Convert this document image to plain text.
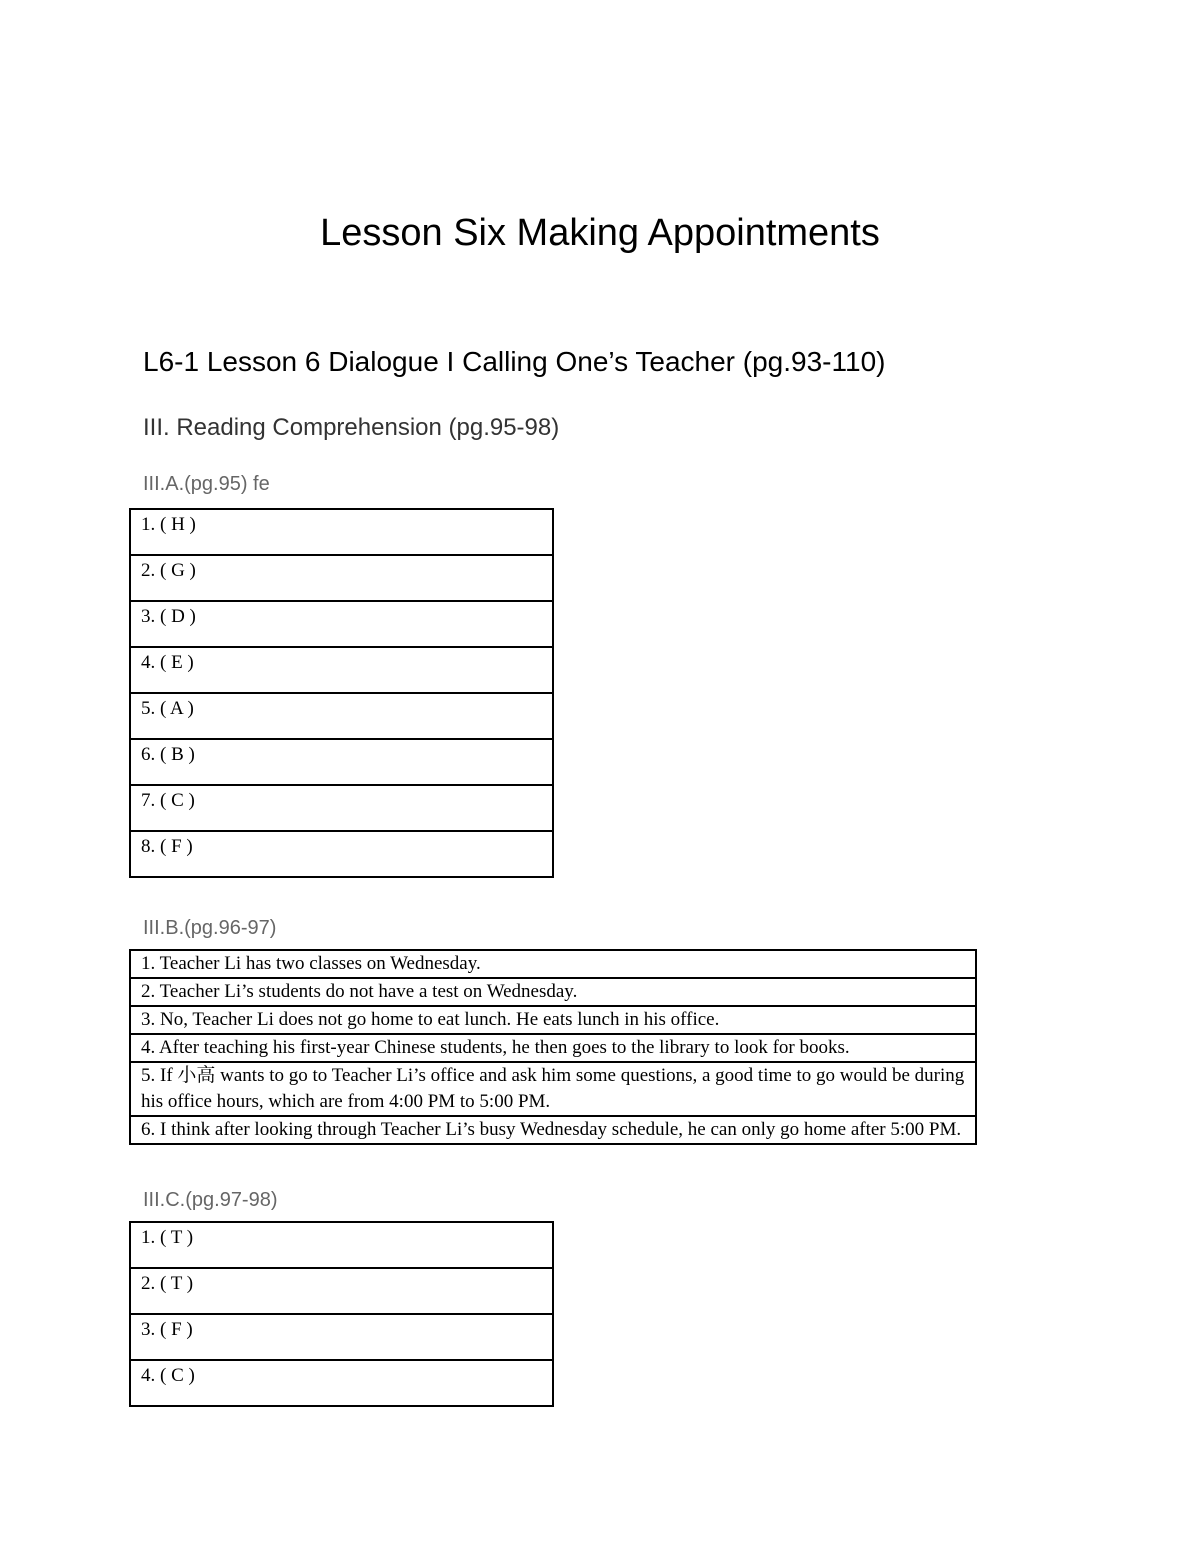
Lesson Six Making Appointments
L6-1 Lesson 6 Dialogue I Calling One’s Teacher (pg.93-110)
III. Reading Comprehension (pg.95-98)
III.A.(pg.95) fe
1. ( H )
2. ( G )
3. ( D )
4. ( E )
5. ( A )
6. ( B )
7. ( C )
8. ( F )
III.B.(pg.96-97)
1. Teacher Li has two classes on Wednesday.
2. Teacher Li’s students do not have a test on Wednesday.
3. No, Teacher Li does not go home to eat lunch. He eats lunch in his office.
4. After teaching his first-year Chinese students, he then goes to the library to look for books.
5. If 小高 wants to go to Teacher Li’s office and ask him some questions, a good time to go would be during his office hours, which are from 4:00 PM to 5:00 PM.
6. I think after looking through Teacher Li’s busy Wednesday schedule, he can only go home after 5:00 PM.
III.C.(pg.97-98)
1. ( T )
2. ( T )
3. ( F )
4. ( C )
